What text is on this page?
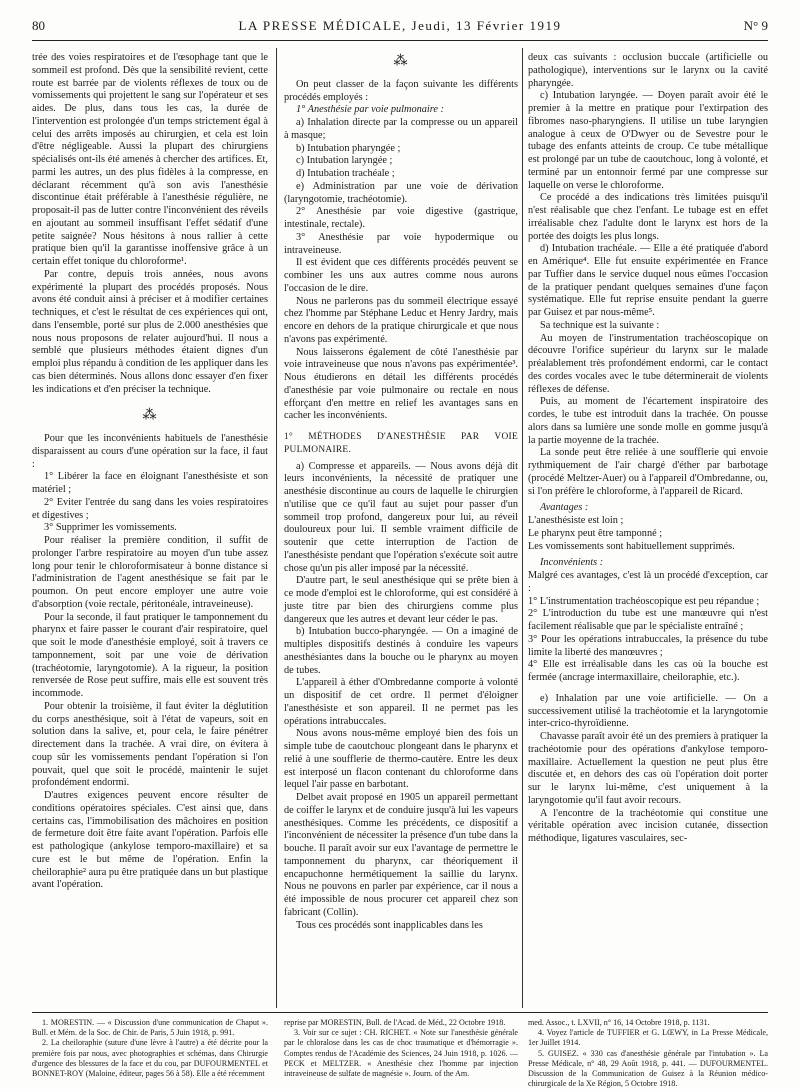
80	LA PRESSE MÉDICALE, Jeudi, 13 Février 1919	N° 9

trée des voies respiratoires et de l'œsophage tant que le sommeil est profond. Dès que la sensibilité revient, cette route est barrée par de violents réflexes de toux ou de vomissements qui projettent le sang sur l'opérateur et ses aides. De plus, dans tous les cas, la durée de l'intervention est prolongée d'un temps strictement égal à celui des arrêts imposés au chirurgien, et cela est loin d'être négligeable. Aussi la plupart des chirurgiens spécialisés ont-ils été amenés à chercher des artifices. Et, parmi les autres, un des plus fidèles à la compresse, en déclarant récemment qu'à son avis l'anesthésie discontinue était préférable à l'anesthésie régulière, ne proposait-il pas de lutter contre l'inconvénient des réveils en ajoutant au sommeil insuffisant l'effet sédatif d'une petite saignée? Nous hésitons à nous rallier à cette pratique bien qu'il la garantisse inoffensive grâce à un certain effet tonique du chloroforme¹.

Par contre, depuis trois années, nous avons expérimenté la plupart des procédés proposés. Nous avons été conduit ainsi à préciser et à modifier certaines techniques, et c'est le résultat de ces expériences qui ont, dans l'ensemble, porté sur plus de 2.000 anesthésies que nous nous proposons de relater aujourd'hui. Il nous a semblé que plusieurs méthodes étaient dignes d'un emploi plus répandu à condition de les appliquer dans les cas bien déterminés. Nous allons donc essayer d'en fixer les indications et d'en préciser la technique.

⁂

Pour que les inconvénients habituels de l'anesthésie disparaissent au cours d'une opération sur la face, il faut :

1° Libérer la face en éloignant l'anesthésiste et son matériel ;

2° Eviter l'entrée du sang dans les voies respiratoires et digestives ;

3° Supprimer les vomissements.

Pour réaliser la première condition, il suffit de prolonger l'arbre respiratoire au moyen d'un tube assez long pour tenir le chloroformisateur à bonne distance si l'administration de l'agent anesthésique se fait par le poumon. On peut encore employer une autre voie d'absorption (voie rectale, péritonéale, intraveineuse).

Pour la seconde, il faut pratiquer le tamponnement du pharynx et faire passer le courant d'air respiratoire, quel que soit le mode d'anesthésie employé, soit à travers ce tamponnement, soit par une voie de dérivation (trachéotomie, laryngotomie). A la rigueur, la position renversée de Rose peut suffire, mais elle est souvent très incommode.

Pour obtenir la troisième, il faut éviter la déglutition du corps anesthésique, soit à l'état de vapeurs, soit en solution dans la salive, et, pour cela, le faire pénétrer directement dans la trachée. A vrai dire, on évitera à coup sûr les vomissements pendant l'opération si l'on pouvait, quel que soit le procédé, maintenir le sujet profondément endormi.

D'autres exigences peuvent encore résulter de conditions opératoires spéciales. C'est ainsi que, dans certains cas, l'immobilisation des mâchoires en position de fermeture doit être faite avant l'opération. Parfois elle est pathologique (ankylose temporo-maxillaire) et sa cure est le but même de l'opération. Enfin la cheiloraphie² aura pu être pratiquée dans un but plastique avant l'opération.

⁂

On peut classer de la façon suivante les différents procédés employés :

1° Anesthésie par voie pulmonaire :

a) Inhalation directe par la compresse ou un appareil à masque;

b) Intubation pharyngée ;

c) Intubation laryngée ;

d) Intubation trachéale ;

e) Administration par une voie de dérivation (laryngotomie, trachéotomie).

2° Anesthésie par voie digestive (gastrique, intestinale, rectale).

3° Anesthésie par voie hypodermique ou intraveineuse.

Il est évident que ces différents procédés peuvent se combiner les uns aux autres comme nous aurons l'occasion de le dire.

Nous ne parlerons pas du sommeil électrique essayé chez l'homme par Stéphane Leduc et Henry Jardry, mais encore en dehors de la pratique chirurgicale et que nous n'avons pas expérimenté.

Nous laisserons également de côté l'anesthésie par voie intraveineuse que nous n'avons pas expérimentée³. Nous étudierons en détail les différents procédés d'anesthésie par voie pulmonaire ou rectale en nous efforçant d'en mettre en relief les avantages sans en cacher les inconvénients.

1° MÉTHODES D'ANESTHÉSIE PAR VOIE PULMONAIRE.

a) Compresse et appareils. — Nous avons déjà dit leurs inconvénients, la nécessité de pratiquer une anesthésie discontinue au cours de laquelle le chirurgien n'utilise que ce qu'il faut au sujet pour passer d'un sommeil trop profond, dangereux pour lui, au réveil douloureux pour lui. Il semble vraiment difficile de soutenir que cette interruption de l'action de l'anesthésiste pendant que l'opération s'exécute soit autre chose qu'un pis aller imposé par la nécessité.

D'autre part, le seul anesthésique qui se prête bien à ce mode d'emploi est le chloroforme, qui est considéré à juste titre par bien des chirurgiens comme plus dangereux que les autres et devant leur céder le pas.

b) Intubation bucco-pharyngée. — On a imaginé de multiples dispositifs destinés à conduire les vapeurs anesthésiantes dans la bouche ou le pharynx au moyen de tubes.

L'appareil à éther d'Ombredanne comporte à volonté un dispositif de cet ordre. Il permet d'éloigner l'anesthésiste et son appareil. Il ne permet pas les opérations intrabuccales.

Nous avons nous-même employé bien des fois un simple tube de caoutchouc plongeant dans le pharynx et relié à une soufflerie de thermo-cautère. Entre les deux est interposé un flacon contenant du chloroforme dans lequel l'air passe en barbotant.

Delbet avait proposé en 1905 un appareil permettant de coiffer le larynx et de conduire jusqu'à lui les vapeurs anesthésiques. Comme les précédents, ce dispositif a l'inconvénient de nécessiter la présence d'un tube dans la bouche. Il paraît avoir sur eux l'avantage de permettre le tamponnement du pharynx, car théoriquement il encapuchonne hermétiquement la saillie du larynx. Nous ne pouvons en parler par expérience, car il nous a été impossible de nous procurer cet appareil chez son fabricant (Collin).

Tous ces procédés sont inapplicables dans les

deux cas suivants : occlusion buccale (artificielle ou pathologique), interventions sur le larynx ou la cavité pharyngée.

c) Intubation laryngée. — Doyen paraît avoir été le premier à la mettre en pratique pour l'extirpation des fibromes naso-pharyngiens. Il utilise un tube laryngien analogue à ceux de O'Dwyer ou de Sevestre pour le tubage des enfants atteints de croup. Ce tube métallique est prolongé par un tube de caoutchouc, long à volonté, et terminé par un entonnoir fermé par une compresse sur laquelle on verse le chloroforme.

Ce procédé a des indications très limitées puisqu'il n'est réalisable que chez l'enfant. Le tubage est en effet irréalisable chez l'adulte dont le larynx est hors de la portée des doigts les plus longs.

d) Intubation trachéale. — Elle a été pratiquée d'abord en Amérique⁴. Elle fut ensuite expérimentée en France par Tuffier dans le service duquel nous eûmes l'occasion de la pratiquer pendant quelques semaines d'une façon systématique. Elle fut reprise ensuite pendant la guerre par Guisez et par nous-même⁵.

Sa technique est la suivante :

Au moyen de l'instrumentation trachéoscopique on découvre l'orifice supérieur du larynx sur le malade préalablement très profondément endormi, car le contact des cordes vocales avec le tube déterminerait de violents réflexes de défense.

Puis, au moment de l'écartement inspiratoire des cordes, le tube est introduit dans la trachée. On pousse alors dans sa lumière une sonde molle en gomme jusqu'à la partie moyenne de la trachée.

La sonde peut être reliée à une soufflerie qui envoie rythmiquement de l'air chargé d'éther par barbotage (procédé Meltzer-Auer) ou à l'appareil d'Ombredanne, ou, si l'on préfère le chloroforme, à l'appareil de Ricard.

Avantages :

L'anesthésiste est loin ;

Le pharynx peut être tamponné ;

Les vomissements sont habituellement supprimés.

Inconvénients :

Malgré ces avantages, c'est là un procédé d'exception, car :

1° L'instrumentation trachéoscopique est peu répandue ;

2° L'introduction du tube est une manœuvre qui n'est facilement réalisable que par le spécialiste entraîné ;

3° Pour les opérations intrabuccales, la présence du tube limite la liberté des manœuvres ;

4° Elle est irréalisable dans les cas où la bouche est fermée (ancrage intermaxillaire, cheiloraphie, etc.).

e) Inhalation par une voie artificielle. — On a successivement utilisé la trachéotomie et la laryngotomie inter-crico-thyroïdienne.

Chavasse paraît avoir été un des premiers à pratiquer la trachéotomie pour des opérations d'ankylose temporo-maxillaire. Actuellement la question ne peut plus être discutée et, en dehors des cas où l'opération doit porter sur le larynx lui-même, c'est uniquement à la laryngotomie qu'il faut avoir recours.

A l'encontre de la trachéotomie qui constitue une véritable opération avec incision cutanée, dissection méthodique, ligatures vasculaires, sec-

1. MORESTIN. — « Discussion d'une communication de Chaput ». Bull. et Mém. de la Soc. de Chir. de Paris, 5 Juin 1918, p. 991.

2. La cheiloraphie (suture d'une lèvre à l'autre) a été décrite pour la première fois par nous, avec photographies et schémas, dans Chirurgie d'urgence des blessures de la face et du cou, par DUFOURMENTEL et BONNET-ROY (Maloine, éditeur, pages 56 à 58). Elle a été récemment

reprise par MORESTIN, Bull. de l'Acad. de Méd., 22 Octobre 1918.

3. Voir sur ce sujet : CH. RICHET. « Note sur l'anesthésie générale par le chloralose dans les cas de choc traumatique et d'hémorragie ». Comptes rendus de l'Académie des Sciences, 24 Juin 1918, p. 1026. — PECK et MELTZER. « Anesthésie chez l'homme par injection intraveineuse de sulfate de magnésie ». Journ. of the Am.

med. Assoc., t. LXVII, n° 16, 14 Octobre 1918, p. 1131.

4. Voyez l'article de TUFFIER et G. LŒWY, in La Presse Médicale, 1er Juillet 1914.

5. GUISEZ. « 330 cas d'anesthésie générale par l'intubation ». La Presse Médicale, n° 48, 29 Août 1918, p. 441. — DUFOURMENTEL. Discussion de la Communication de Guisez à la Réunion médico-chirurgicale de la Xe Région, 5 Octobre 1918.
